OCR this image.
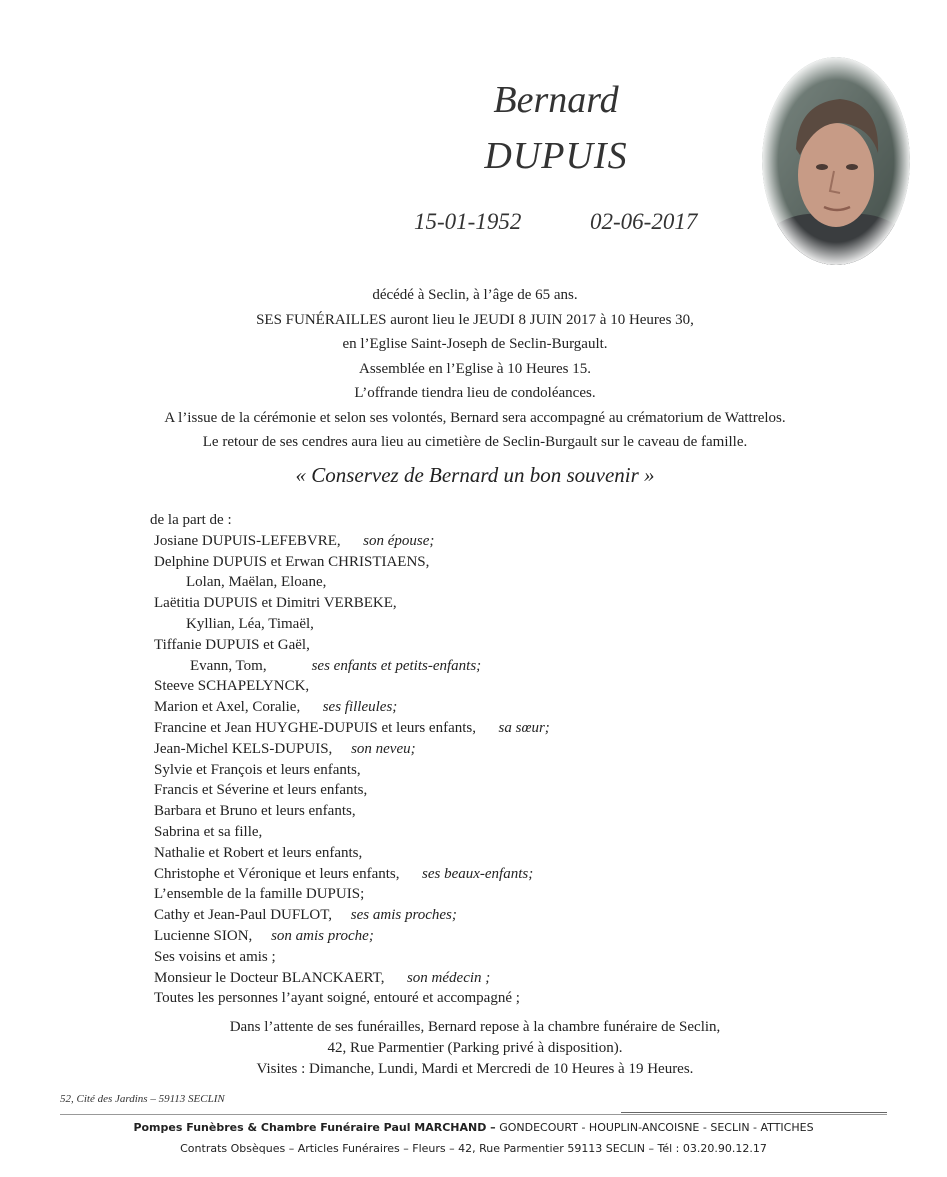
Bernard
DUPUIS
15-01-1952	02-06-2017
décédé à Seclin, à l’âge de 65 ans.
SES FUNÉRAILLES auront lieu le JEUDI 8 JUIN 2017 à 10 Heures 30,
en l’Eglise Saint-Joseph de Seclin-Burgault.
Assemblée en l’Eglise à 10 Heures 15.
L’offrande tiendra lieu de condoléances.
A l’issue de la cérémonie et selon ses volontés, Bernard sera accompagné au crématorium de Wattrelos.
Le retour de ses cendres aura lieu au cimetière de Seclin-Burgault sur le caveau de famille.
« Conservez de Bernard un bon souvenir »
de la part de :
Josiane DUPUIS-LEFEBVRE, son épouse;
Delphine DUPUIS et Erwan CHRISTIAENS,
Lolan, Maëlan, Eloane,
Laëtitia DUPUIS et Dimitri VERBEKE,
Kyllian, Léa, Timaël,
Tiffanie DUPUIS et Gaël,
Evann, Tom,	ses enfants et petits-enfants;
Steeve SCHAPELYNCK,
Marion et Axel, Coralie, ses filleules;
Francine et Jean HUYGHE-DUPUIS et leurs enfants, sa sœur;
Jean-Michel KELS-DUPUIS, son neveu;
Sylvie et François et leurs enfants,
Francis et Séverine et leurs enfants,
Barbara et Bruno et leurs enfants,
Sabrina et sa fille,
Nathalie et Robert et leurs enfants,
Christophe et Véronique et leurs enfants, ses beaux-enfants;
L’ensemble de la famille DUPUIS;
Cathy et Jean-Paul DUFLOT, ses amis proches;
Lucienne SION, son amis proche;
Ses voisins et amis ;
Monsieur le Docteur BLANCKAERT, son médecin ;
Toutes les personnes l’ayant soigné, entouré et accompagné ;
Dans l’attente de ses funérailles, Bernard repose à la chambre funéraire de Seclin,
42, Rue Parmentier (Parking privé à disposition).
Visites : Dimanche, Lundi, Mardi et Mercredi de 10 Heures à 19 Heures.
52, Cité des Jardins – 59113 SECLIN
Pompes Funèbres & Chambre Funéraire Paul MARCHAND – GONDECOURT - HOUPLIN-ANCOISNE - SECLIN - ATTICHES
Contrats Obsèques – Articles Funéraires – Fleurs – 42, Rue Parmentier 59113 SECLIN – Tél : 03.20.90.12.17
